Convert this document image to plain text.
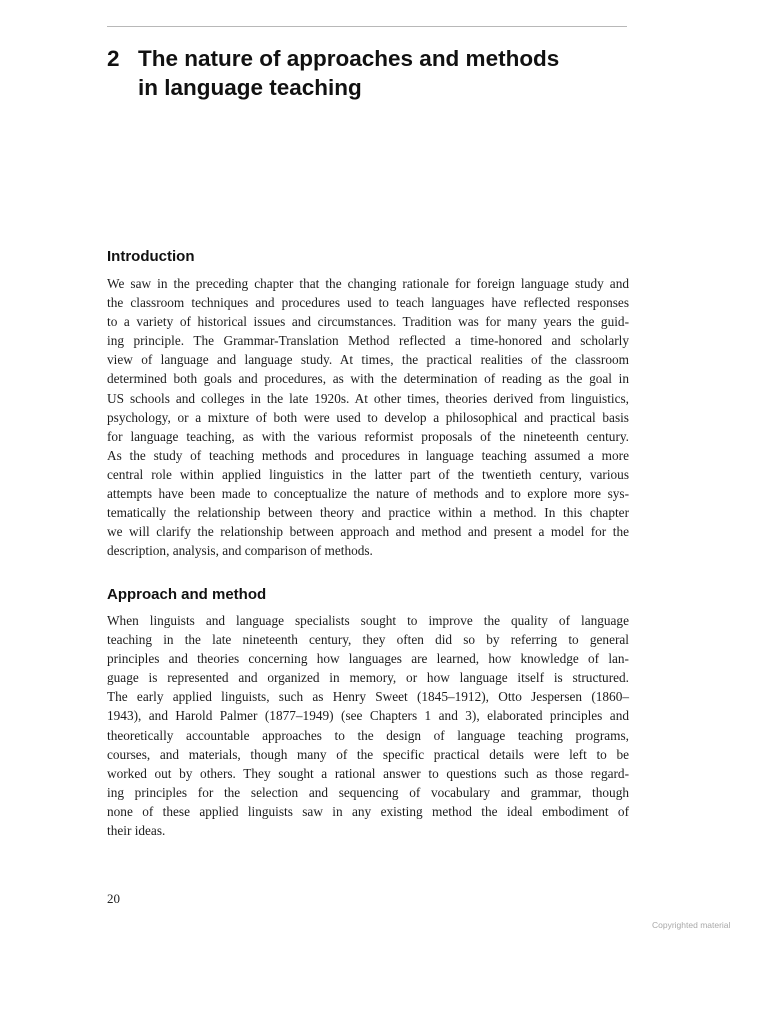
2 The nature of approaches and methods
in language teaching
Introduction
We saw in the preceding chapter that the changing rationale for foreign language study and
the classroom techniques and procedures used to teach languages have reflected responses
to a variety of historical issues and circumstances. Tradition was for many years the guid-
ing principle. The Grammar-Translation Method reflected a time-honored and scholarly
view of language and language study. At times, the practical realities of the classroom
determined both goals and procedures, as with the determination of reading as the goal in
US schools and colleges in the late 1920s. At other times, theories derived from linguistics,
psychology, or a mixture of both were used to develop a philosophical and practical basis
for language teaching, as with the various reformist proposals of the nineteenth century.
As the study of teaching methods and procedures in language teaching assumed a more
central role within applied linguistics in the latter part of the twentieth century, various
attempts have been made to conceptualize the nature of methods and to explore more sys-
tematically the relationship between theory and practice within a method. In this chapter
we will clarify the relationship between approach and method and present a model for the
description, analysis, and comparison of methods.
Approach and method
When linguists and language specialists sought to improve the quality of language
teaching in the late nineteenth century, they often did so by referring to general
principles and theories concerning how languages are learned, how knowledge of lan-
guage is represented and organized in memory, or how language itself is structured.
The early applied linguists, such as Henry Sweet (1845–1912), Otto Jespersen (1860–
1943), and Harold Palmer (1877–1949) (see Chapters 1 and 3), elaborated principles and
theoretically accountable approaches to the design of language teaching programs,
courses, and materials, though many of the specific practical details were left to be
worked out by others. They sought a rational answer to questions such as those regard-
ing principles for the selection and sequencing of vocabulary and grammar, though
none of these applied linguists saw in any existing method the ideal embodiment of
their ideas.
20
Copyrighted material
